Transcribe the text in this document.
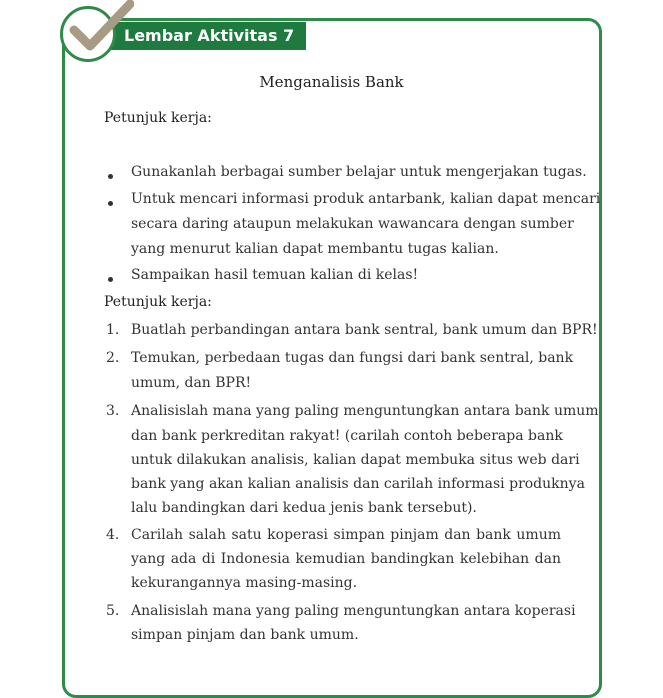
Lembar Aktivitas 7
Menganalisis Bank
Petunjuk kerja:
Gunakanlah berbagai sumber belajar untuk mengerjakan tugas.
Untuk mencari informasi produk antarbank, kalian dapat mencari
secara daring ataupun melakukan wawancara dengan sumber
yang menurut kalian dapat membantu tugas kalian.
Sampaikan hasil temuan kalian di kelas!
Petunjuk kerja:
1. Buatlah perbandingan antara bank sentral, bank umum dan BPR!
2. Temukan, perbedaan tugas dan fungsi dari bank sentral, bank
umum, dan BPR!
3. Analisislah mana yang paling menguntungkan antara bank umum
dan bank perkreditan rakyat! (carilah contoh beberapa bank
untuk dilakukan analisis, kalian dapat membuka situs web dari
bank yang akan kalian analisis dan carilah informasi produknya
lalu bandingkan dari kedua jenis bank tersebut).
4. Carilah salah satu koperasi simpan pinjam dan bank umum
yang ada di Indonesia kemudian bandingkan kelebihan dan
kekurangannya masing-masing.
5. Analisislah mana yang paling menguntungkan antara koperasi
simpan pinjam dan bank umum.
